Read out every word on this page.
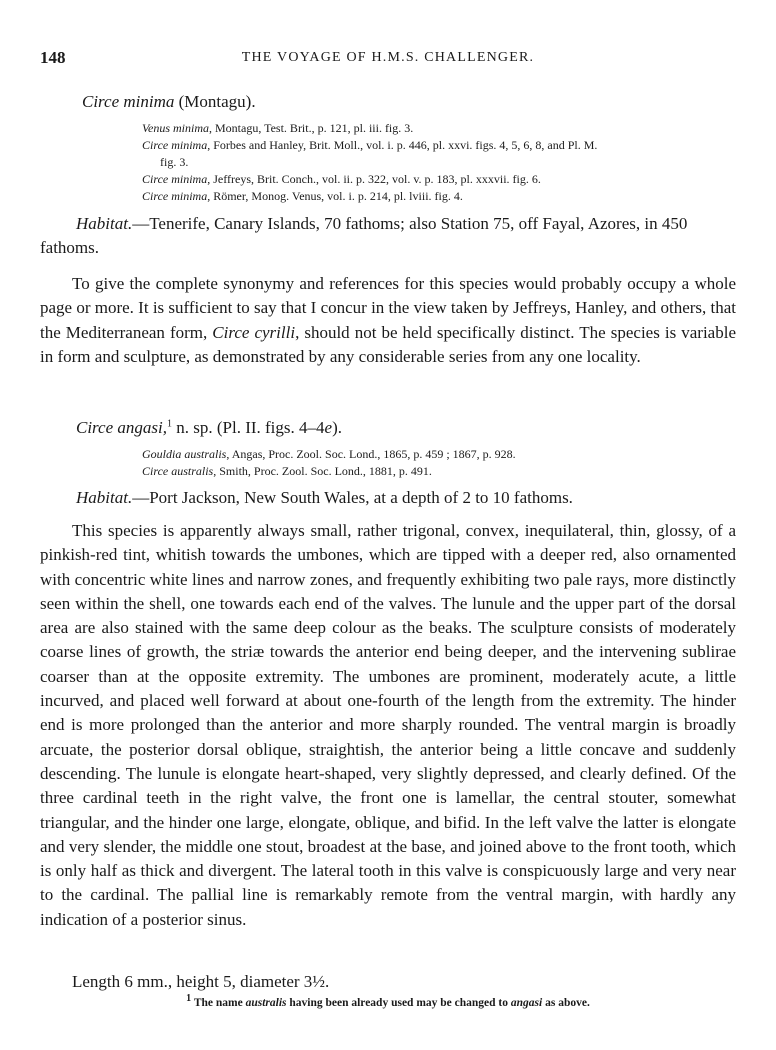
148	THE VOYAGE OF H.M.S. CHALLENGER.
Circe minima (Montagu).

Venus minima, Montagu, Test. Brit., p. 121, pl. iii. fig. 3.

Circe minima, Forbes and Hanley, Brit. Moll., vol. i. p. 446, pl. xxvi. figs. 4, 5, 6, 8, and Pl. M.

fig. 3.

Circe minima, Jeffreys, Brit. Conch., vol. ii. p. 322, vol. v. p. 183, pl. xxxvii. fig. 6.

Circe minima, Römer, Monog. Venus, vol. i. p. 214, pl. lviii. fig. 4.

Habitat.—Tenerife, Canary Islands, 70 fathoms; also Station 75, off Fayal, Azores, in 450 fathoms.

To give the complete synonymy and references for this species would probably occupy a whole page or more. It is sufficient to say that I concur in the view taken by Jeffreys, Hanley, and others, that the Mediterranean form, Circe cyrilli, should not be held specifically distinct. The species is variable in form and sculpture, as demonstrated by any considerable series from any one locality.

Circe angasi,$^1$ n. sp. (Pl. II. figs. 4–4e).

Gouldia australis, Angas, Proc. Zool. Soc. Lond., 1865, p. 459 ; 1867, p. 928.

Circe australis, Smith, Proc. Zool. Soc. Lond., 1881, p. 491.

Habitat.—Port Jackson, New South Wales, at a depth of 2 to 10 fathoms.

This species is apparently always small, rather trigonal, convex, inequilateral, thin, glossy, of a pinkish-red tint, whitish towards the umbones, which are tipped with a deeper red, also ornamented with concentric white lines and narrow zones, and frequently exhibiting two pale rays, more distinctly seen within the shell, one towards each end of the valves. The lunule and the upper part of the dorsal area are also stained with the same deep colour as the beaks. The sculpture consists of moderately coarse lines of growth, the striæ towards the anterior end being deeper, and the intervening sublirae coarser than at the opposite extremity. The umbones are prominent, moderately acute, a little incurved, and placed well forward at about one-fourth of the length from the extremity. The hinder end is more prolonged than the anterior and more sharply rounded. The ventral margin is broadly arcuate, the posterior dorsal oblique, straightish, the anterior being a little concave and suddenly descending. The lunule is elongate heart-shaped, very slightly depressed, and clearly defined. Of the three cardinal teeth in the right valve, the front one is lamellar, the central stouter, somewhat triangular, and the hinder one large, elongate, oblique, and bifid. In the left valve the latter is elongate and very slender, the middle one stout, broadest at the base, and joined above to the front tooth, which is only half as thick and divergent. The lateral tooth in this valve is conspicuously large and very near to the cardinal. The pallial line is remarkably remote from the ventral margin, with hardly any indication of a posterior sinus.

Length 6 mm., height 5, diameter 3½.

$^1$ The name australis having been already used may be changed to angasi as above.
